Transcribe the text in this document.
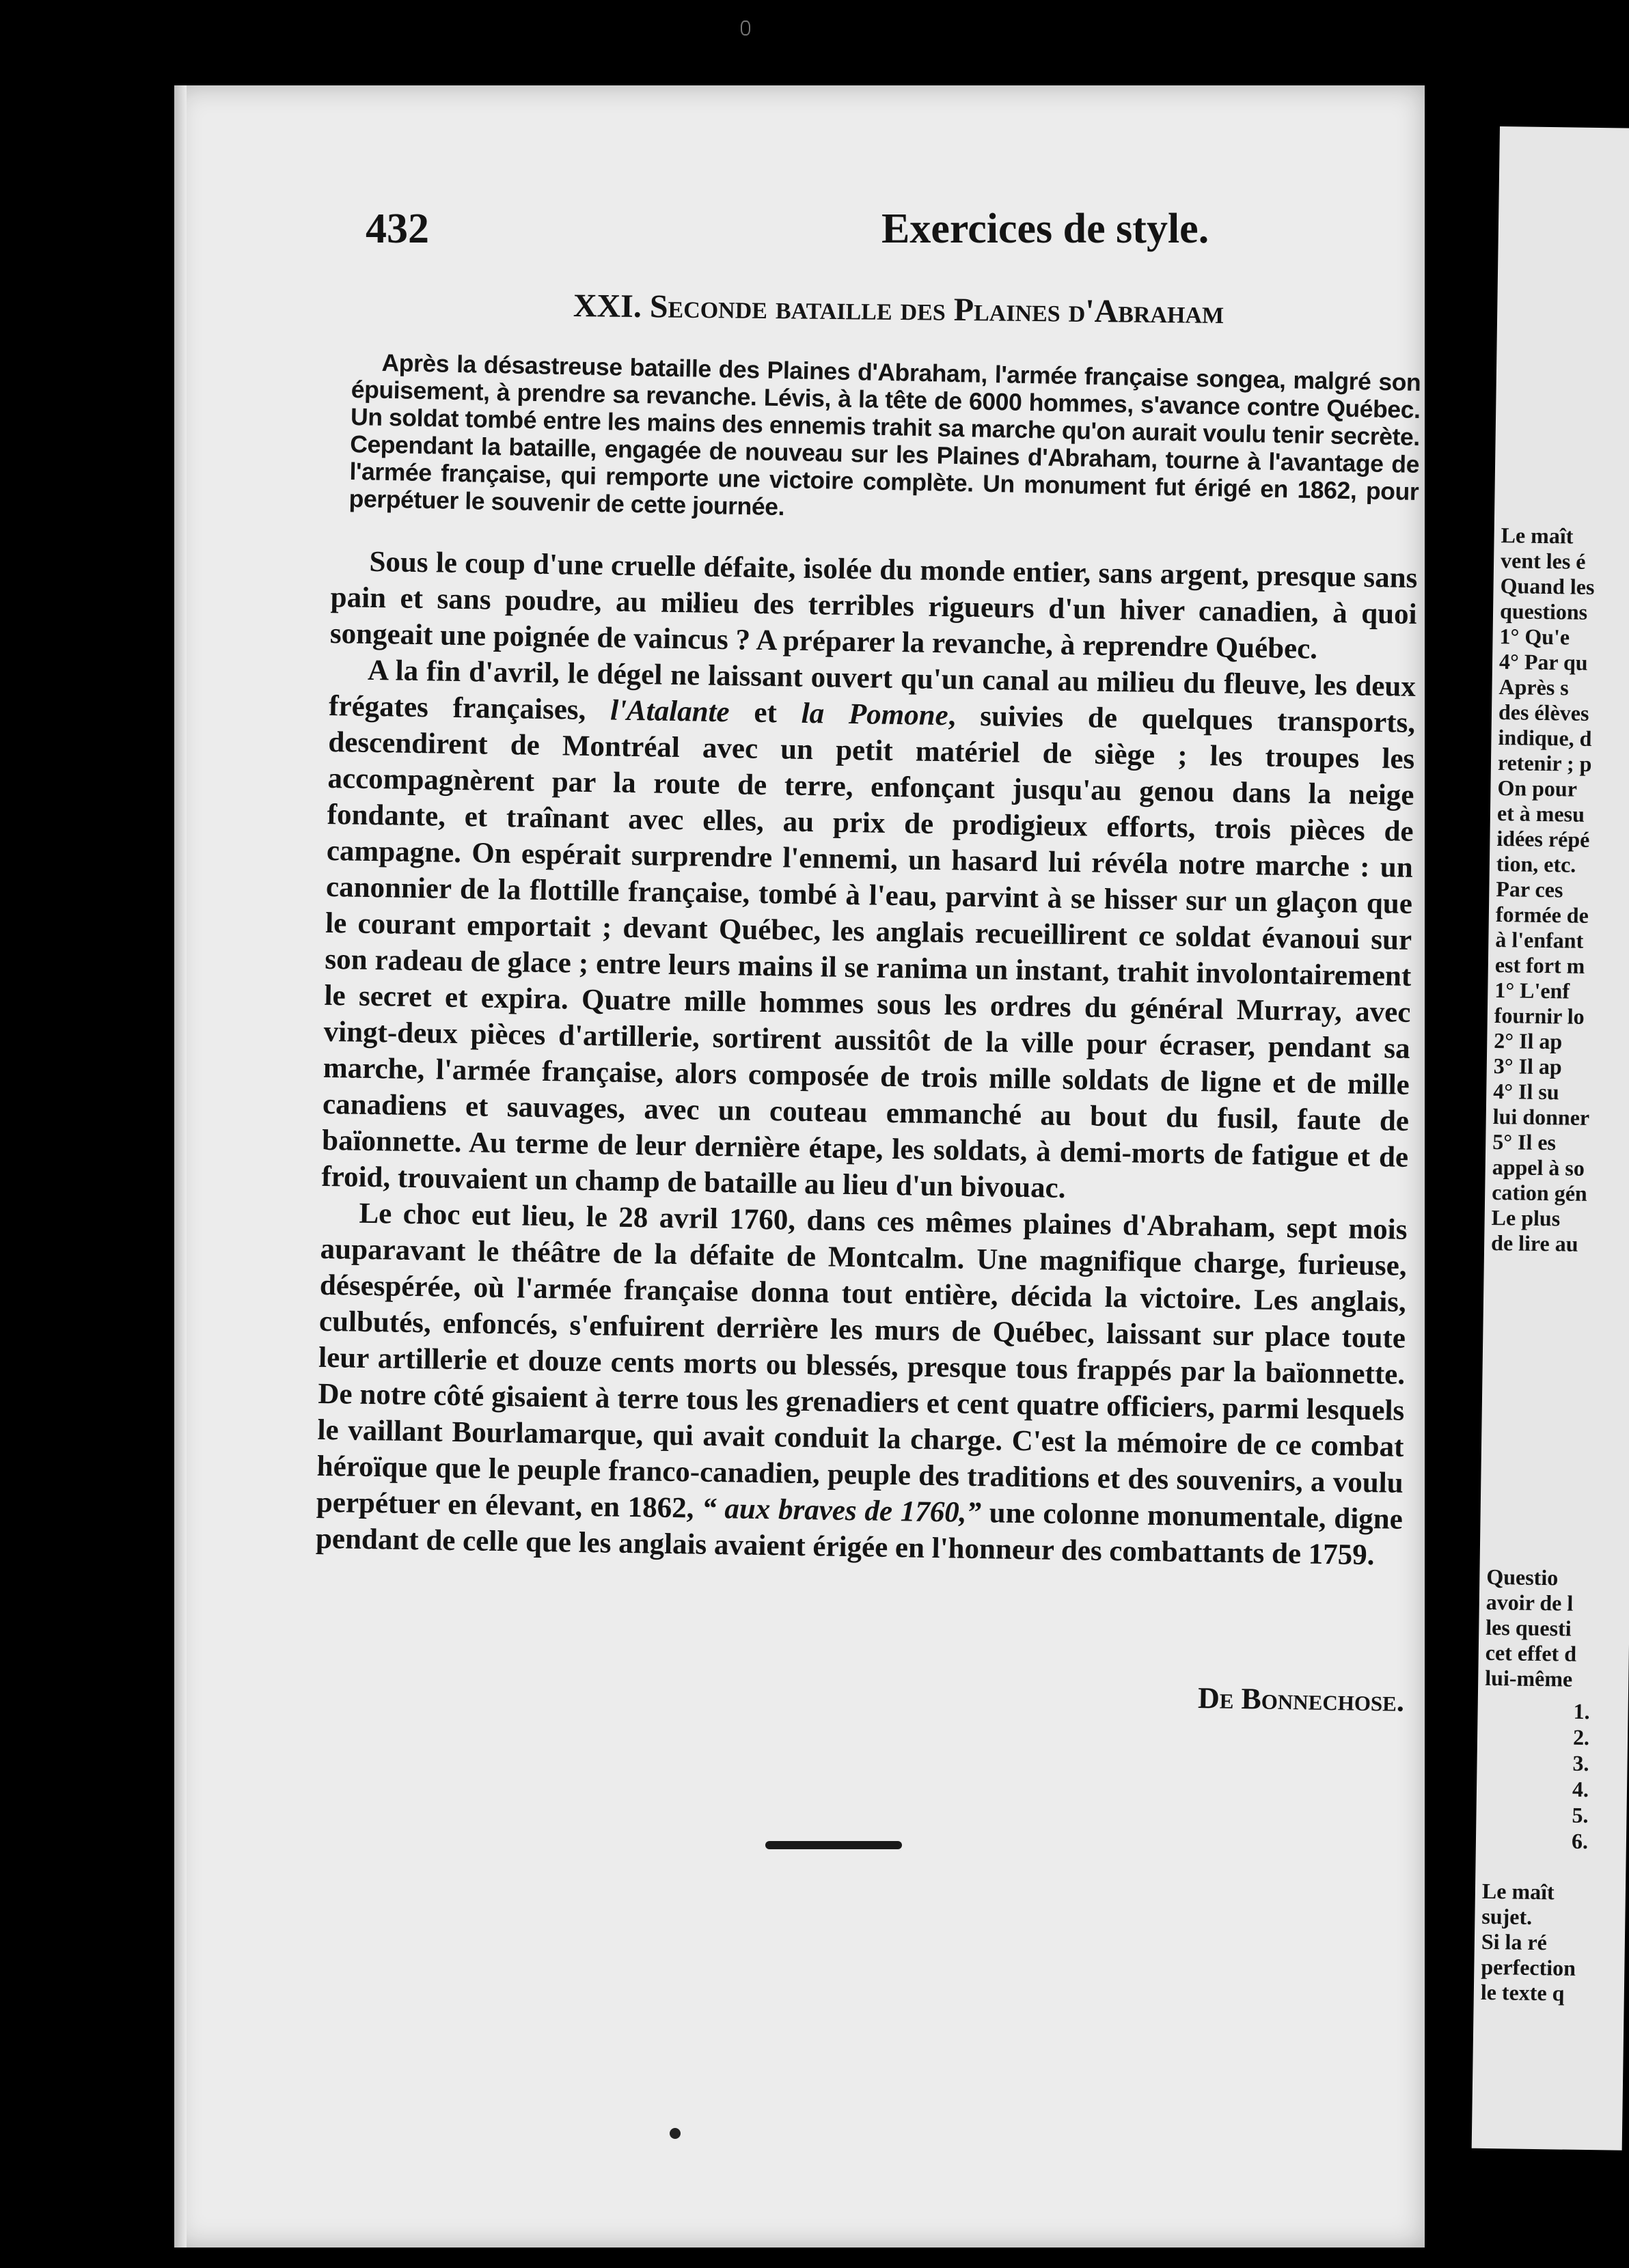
432	Exercices de style.
XXI. Seconde bataille des Plaines d'Abraham
Après la désastreuse bataille des Plaines d'Abraham, l'armée française songea, malgré son épuisement, à prendre sa revanche. Lévis, à la tête de 6000 hommes, s'avance contre Québec. Un soldat tombé entre les mains des ennemis trahit sa marche qu'on aurait voulu tenir secrète. Cependant la bataille, engagée de nouveau sur les Plaines d'Abraham, tourne à l'avantage de l'armée française, qui remporte une victoire complète. Un monument fut érigé en 1862, pour perpétuer le souvenir de cette journée.

Sous le coup d'une cruelle défaite, isolée du monde entier, sans argent, presque sans pain et sans poudre, au milieu des terribles rigueurs d'un hiver canadien, à quoi songeait une poignée de vaincus ? A préparer la revanche, à reprendre Québec.

A la fin d'avril, le dégel ne laissant ouvert qu'un canal au milieu du fleuve, les deux frégates françaises, l'Atalante et la Pomone, suivies de quelques transports, descendirent de Montréal avec un petit matériel de siège ; les troupes les accompagnèrent par la route de terre, enfonçant jusqu'au genou dans la neige fondante, et traînant avec elles, au prix de prodigieux efforts, trois pièces de campagne. On espérait surprendre l'ennemi, un hasard lui révéla notre marche : un canonnier de la flottille française, tombé à l'eau, parvint à se hisser sur un glaçon que le courant emportait ; devant Québec, les anglais recueillirent ce soldat évanoui sur son radeau de glace ; entre leurs mains il se ranima un instant, trahit involontairement le secret et expira. Quatre mille hommes sous les ordres du général Murray, avec vingt-deux pièces d'artillerie, sortirent aussitôt de la ville pour écraser, pendant sa marche, l'armée française, alors composée de trois mille soldats de ligne et de mille canadiens et sauvages, avec un couteau emmanché au bout du fusil, faute de baïonnette. Au terme de leur dernière étape, les soldats, à demi-morts de fatigue et de froid, trouvaient un champ de bataille au lieu d'un bivouac.

Le choc eut lieu, le 28 avril 1760, dans ces mêmes plaines d'Abraham, sept mois auparavant le théâtre de la défaite de Montcalm. Une magnifique charge, furieuse, désespérée, où l'armée française donna tout entière, décida la victoire. Les anglais, culbutés, enfoncés, s'enfuirent derrière les murs de Québec, laissant sur place toute leur artillerie et douze cents morts ou blessés, presque tous frappés par la baïonnette. De notre côté gisaient à terre tous les grenadiers et cent quatre officiers, parmi lesquels le vaillant Bourlamarque, qui avait conduit la charge. C'est la mémoire de ce combat héroïque que le peuple franco-canadien, peuple des traditions et des souvenirs, a voulu perpétuer en élevant, en 1862, “ aux braves de 1760,” une colonne monumentale, digne pendant de celle que les anglais avaient érigée en l'honneur des combattants de 1759.

De Bonnechose.
Le maît
vent les é
Quand les
questions
1° Qu'e
4° Par qu
Après s
des élèves
indique, d
retenir ; p
On pour
et à mesu
idées répé
tion, etc.
Par ces
formée de
à l'enfant
est fort m
1° L'enf
fournir lo
2° Il ap
3° Il ap
4° Il su
lui donner
5° Il es
appel à so
cation gén
Le plus
de lire au
Questio
avoir de l
les questi
cet effet d
lui-même
1.
2.
3.
4.
5.
6.
Le maît
sujet.
Si la ré
perfection
le texte q
